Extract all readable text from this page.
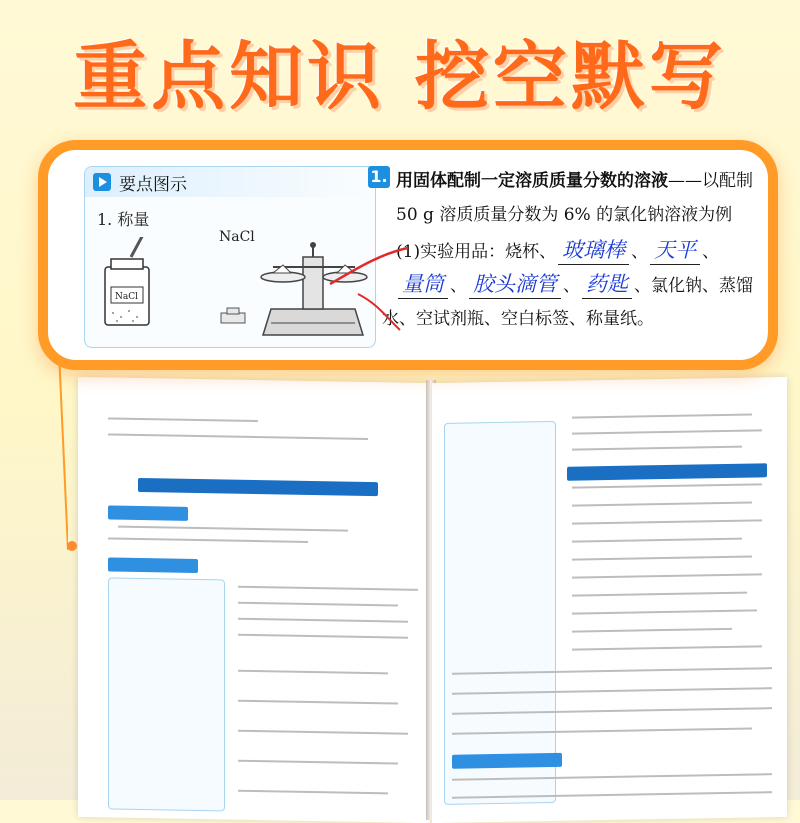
重点知识 挖空默写
要点图示
1. 称量
NaCl
NaCl
1. 用固体配制一定溶质质量分数的溶液——以配制
50 g 溶质质量分数为 6% 的氯化钠溶液为例
(1)实验用品：烧杯、 玻璃棒 、 天平 、
量筒 、 胶头滴管 、 药匙 、氯化钠、蒸馏
水、空试剂瓶、空白标签、称量纸。
